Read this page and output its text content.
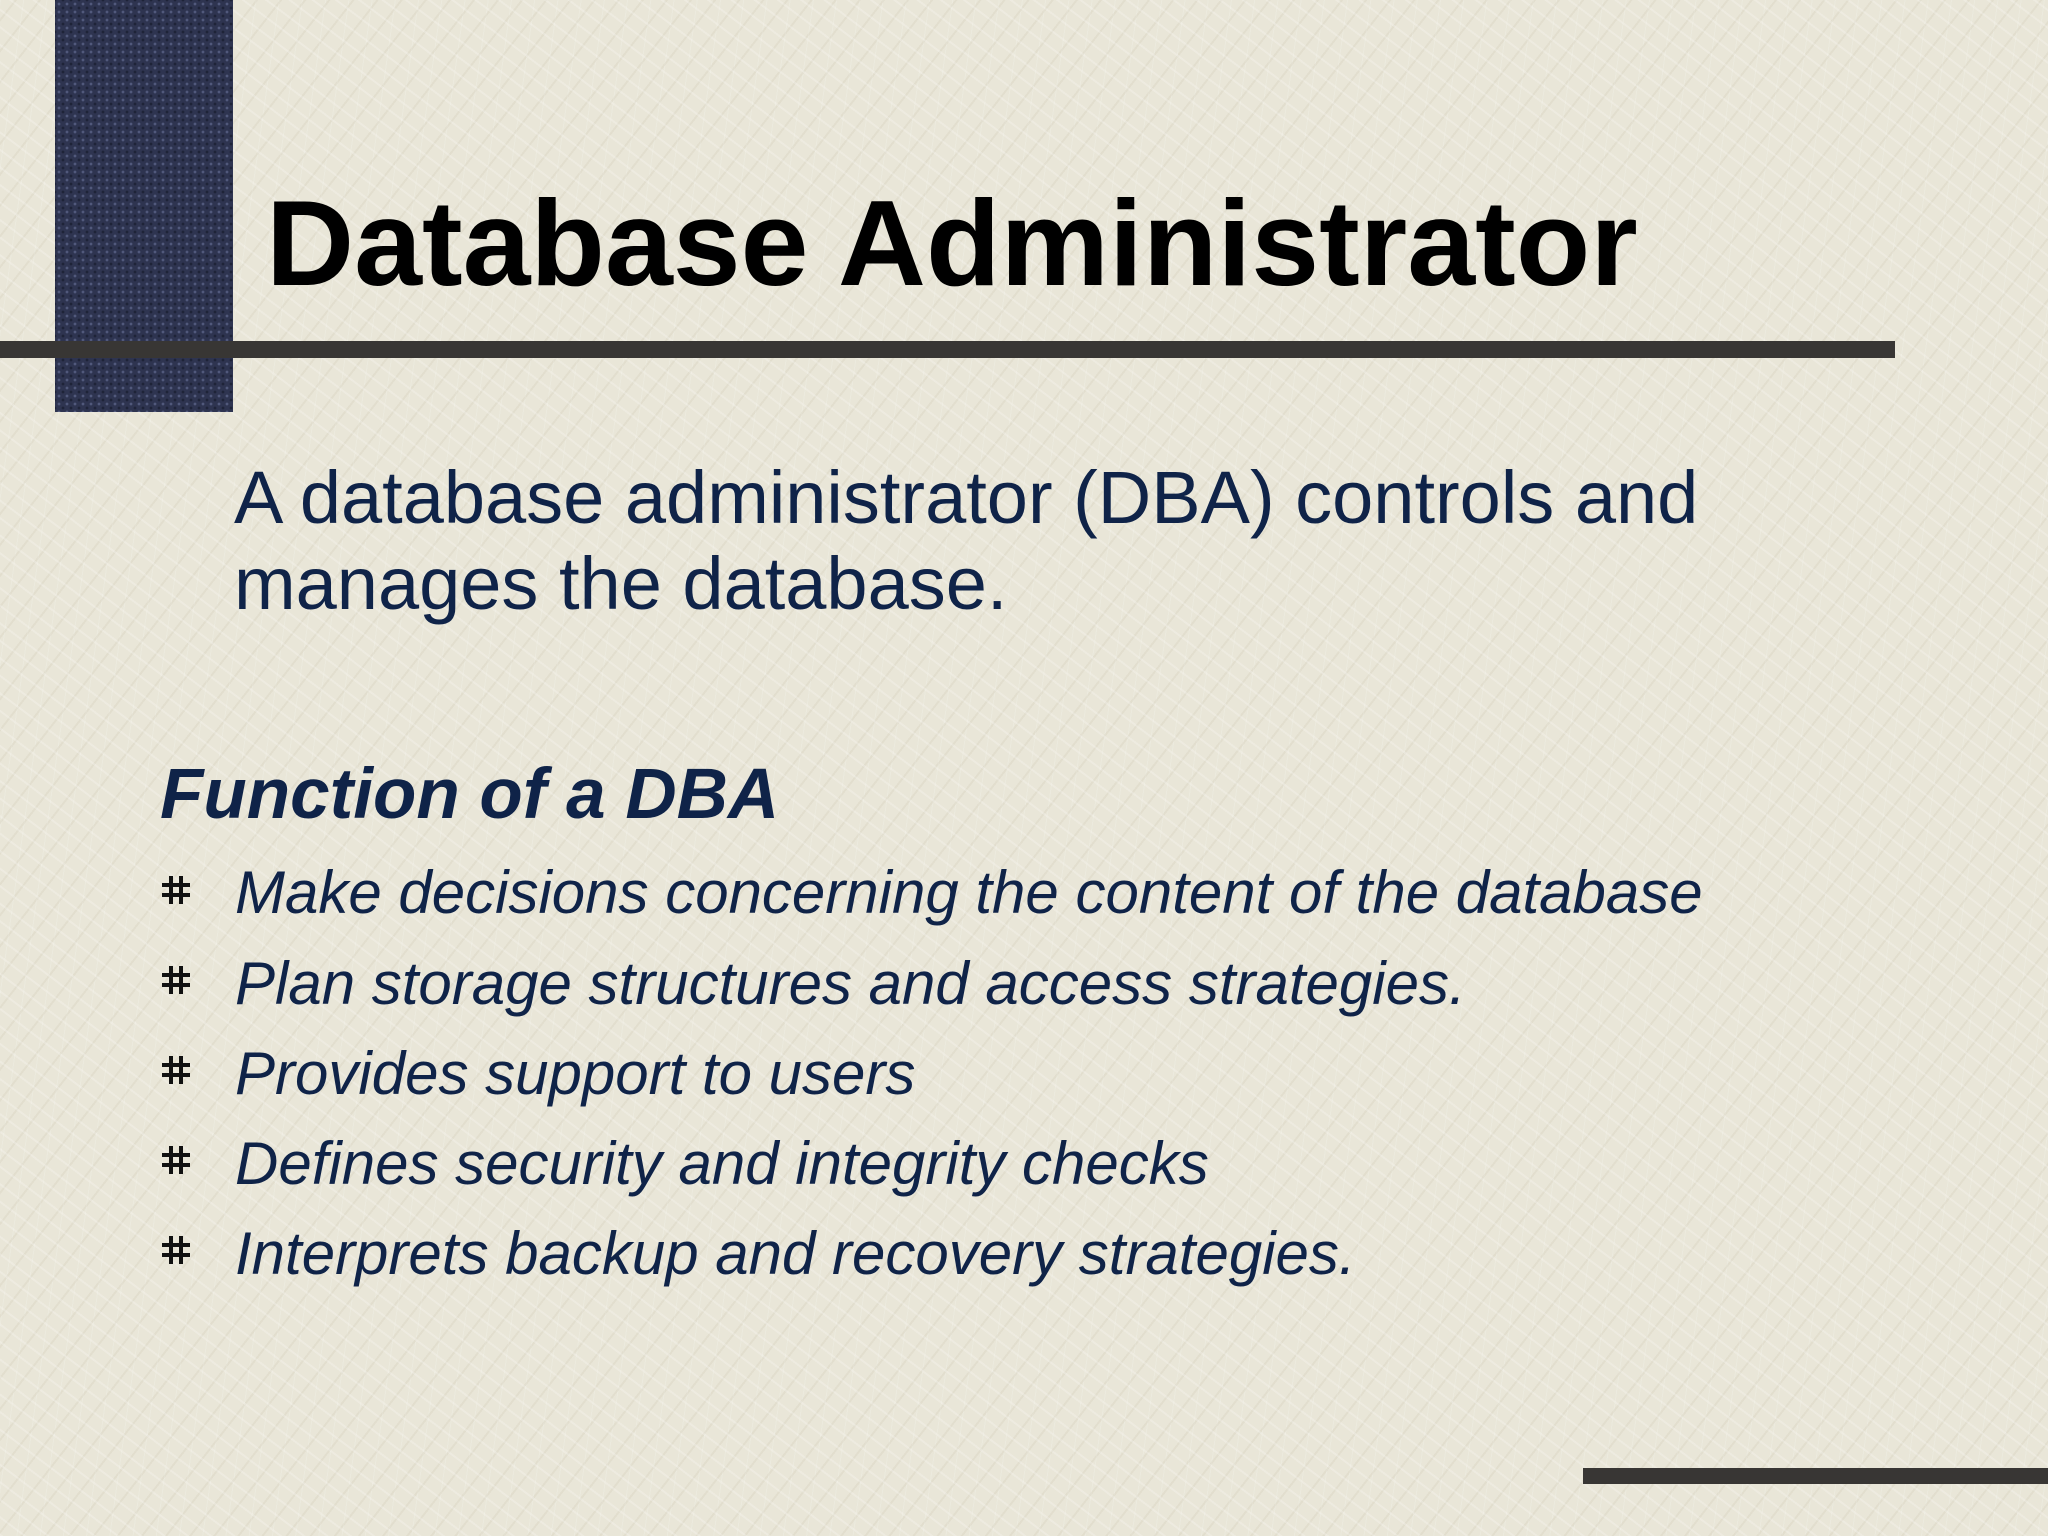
Database Administrator

A database administrator (DBA) controls and manages the database.

Function of a DBA
Make decisions concerning the content of the database
Plan storage structures and access strategies.
Provides support to users
Defines security and integrity checks
Interprets backup and recovery strategies.
